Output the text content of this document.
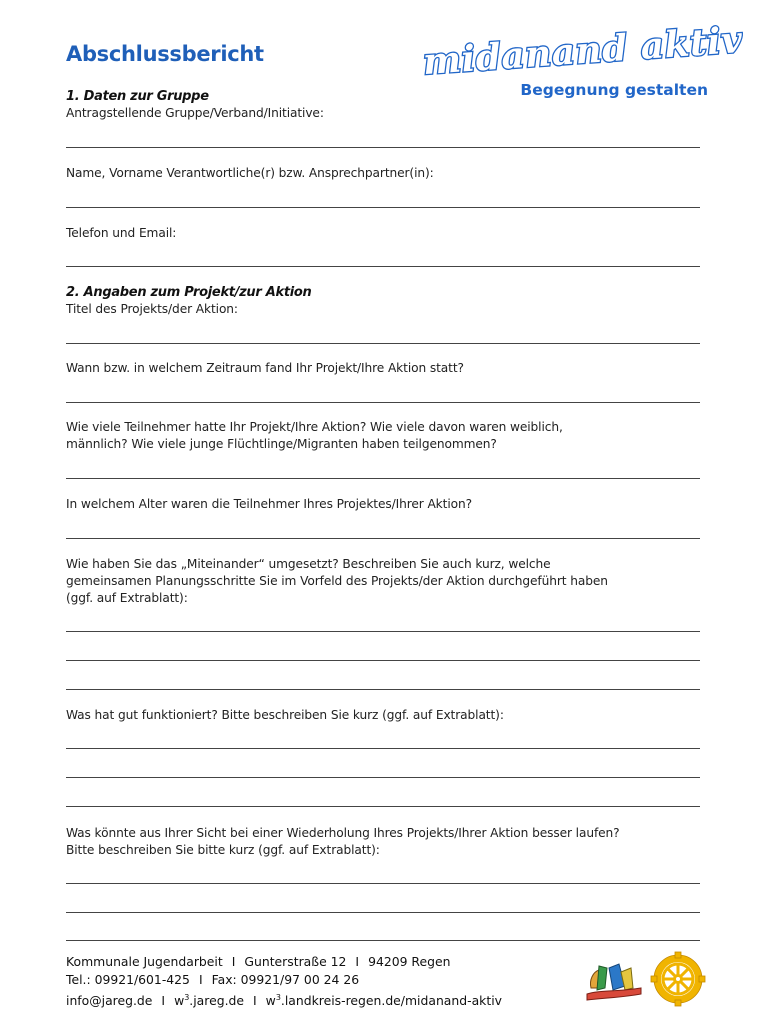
Abschlussbericht	midanand aktiv
Begegnung gestalten
1. Daten zur Gruppe
Antragstellende Gruppe/Verband/Initiative:
Name, Vorname Verantwortliche(r) bzw. Ansprechpartner(in):
Telefon und Email:
2. Angaben zum Projekt/zur Aktion
Titel des Projekts/der Aktion:
Wann bzw. in welchem Zeitraum fand Ihr Projekt/Ihre Aktion statt?
Wie viele Teilnehmer hatte Ihr Projekt/Ihre Aktion? Wie viele davon waren weiblich,
männlich? Wie viele junge Flüchtlinge/Migranten haben teilgenommen?
In welchem Alter waren die Teilnehmer Ihres Projektes/Ihrer Aktion?
Wie haben Sie das „Miteinander“ umgesetzt? Beschreiben Sie auch kurz, welche
gemeinsamen Planungsschritte Sie im Vorfeld des Projekts/der Aktion durchgeführt haben
(ggf. auf Extrablatt):
Was hat gut funktioniert? Bitte beschreiben Sie kurz (ggf. auf Extrablatt):
Was könnte aus Ihrer Sicht bei einer Wiederholung Ihres Projekts/Ihrer Aktion besser laufen?
Bitte beschreiben Sie bitte kurz (ggf. auf Extrablatt):
Kommunale Jugendarbeit I Gunterstraße 12 I 94209 Regen
Tel.: 09921/601-425 I Fax: 09921/97 00 24 26
info@jareg.de I $w^3.jareg.de$ I $w^3.landkreis-regen.de/midanand$-aktiv
